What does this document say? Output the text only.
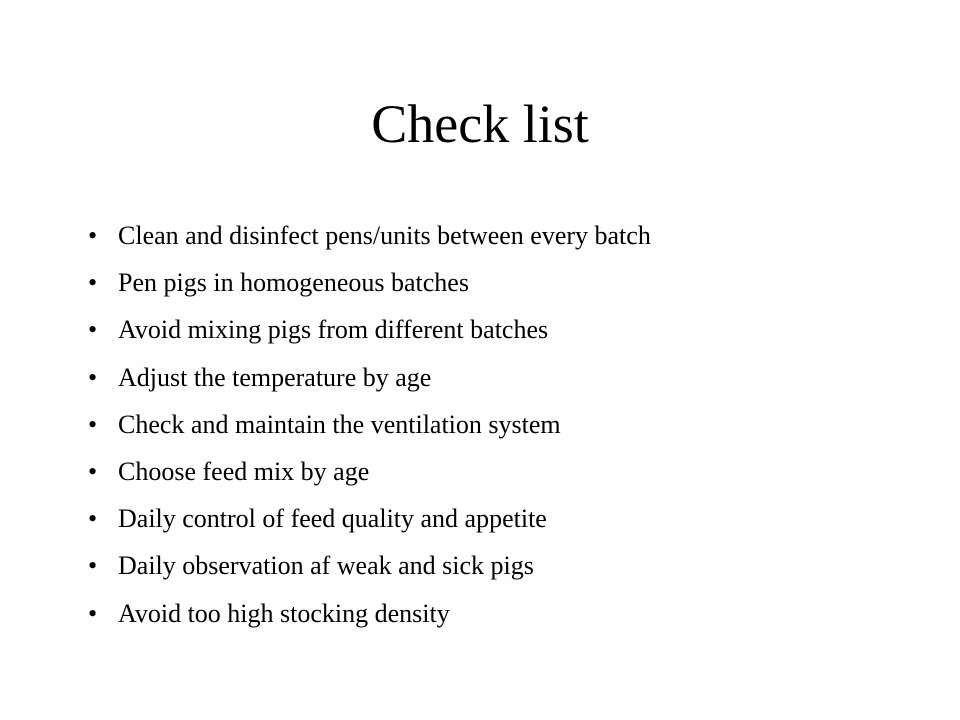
Check list
• Clean and disinfect pens/units between every batch
• Pen pigs in homogeneous batches
• Avoid mixing pigs from different batches
• Adjust the temperature by age
• Check and maintain the ventilation system
• Choose feed mix by age
• Daily control of feed quality and appetite
• Daily observation af weak and sick pigs
• Avoid too high stocking density
